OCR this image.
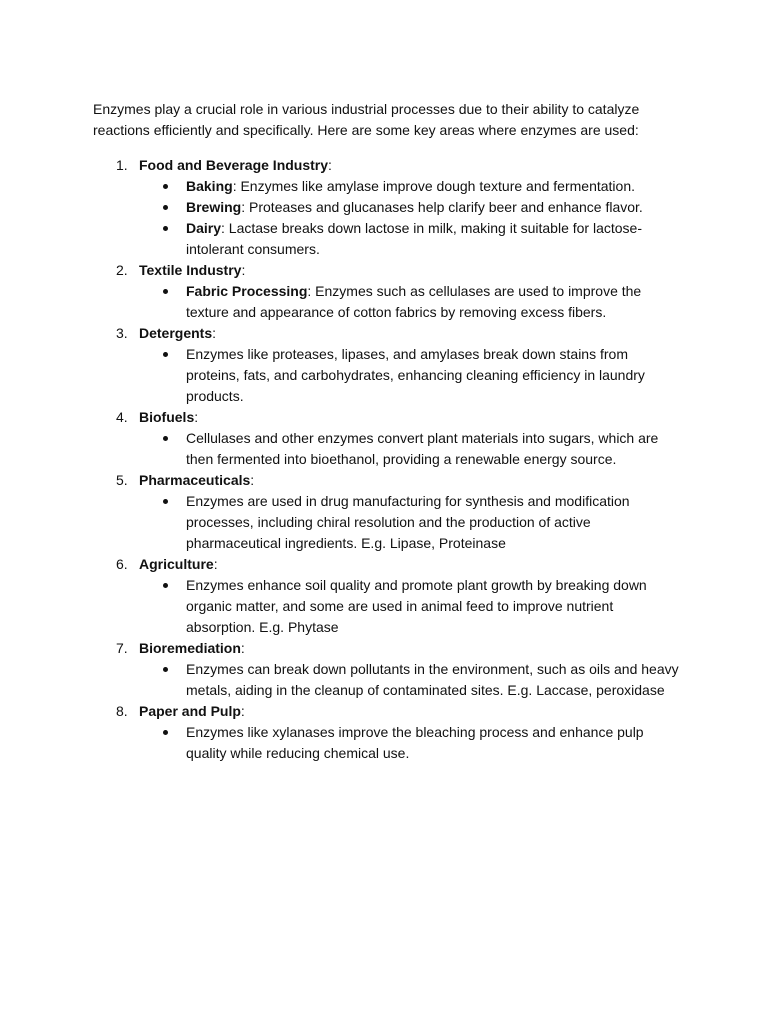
Enzymes play a crucial role in various industrial processes due to their ability to catalyze reactions efficiently and specifically. Here are some key areas where enzymes are used:

1. Food and Beverage Industry:
Baking: Enzymes like amylase improve dough texture and fermentation.
Brewing: Proteases and glucanases help clarify beer and enhance flavor.
Dairy: Lactase breaks down lactose in milk, making it suitable for lactose-intolerant consumers.
2. Textile Industry:
Fabric Processing: Enzymes such as cellulases are used to improve the texture and appearance of cotton fabrics by removing excess fibers.
3. Detergents:
Enzymes like proteases, lipases, and amylases break down stains from proteins, fats, and carbohydrates, enhancing cleaning efficiency in laundry products.
4. Biofuels:
Cellulases and other enzymes convert plant materials into sugars, which are then fermented into bioethanol, providing a renewable energy source.
5. Pharmaceuticals:
Enzymes are used in drug manufacturing for synthesis and modification processes, including chiral resolution and the production of active pharmaceutical ingredients. E.g. Lipase, Proteinase
6. Agriculture:
Enzymes enhance soil quality and promote plant growth by breaking down organic matter, and some are used in animal feed to improve nutrient absorption. E.g. Phytase
7. Bioremediation:
Enzymes can break down pollutants in the environment, such as oils and heavy metals, aiding in the cleanup of contaminated sites. E.g. Laccase, peroxidase
8. Paper and Pulp:
Enzymes like xylanases improve the bleaching process and enhance pulp quality while reducing chemical use.
